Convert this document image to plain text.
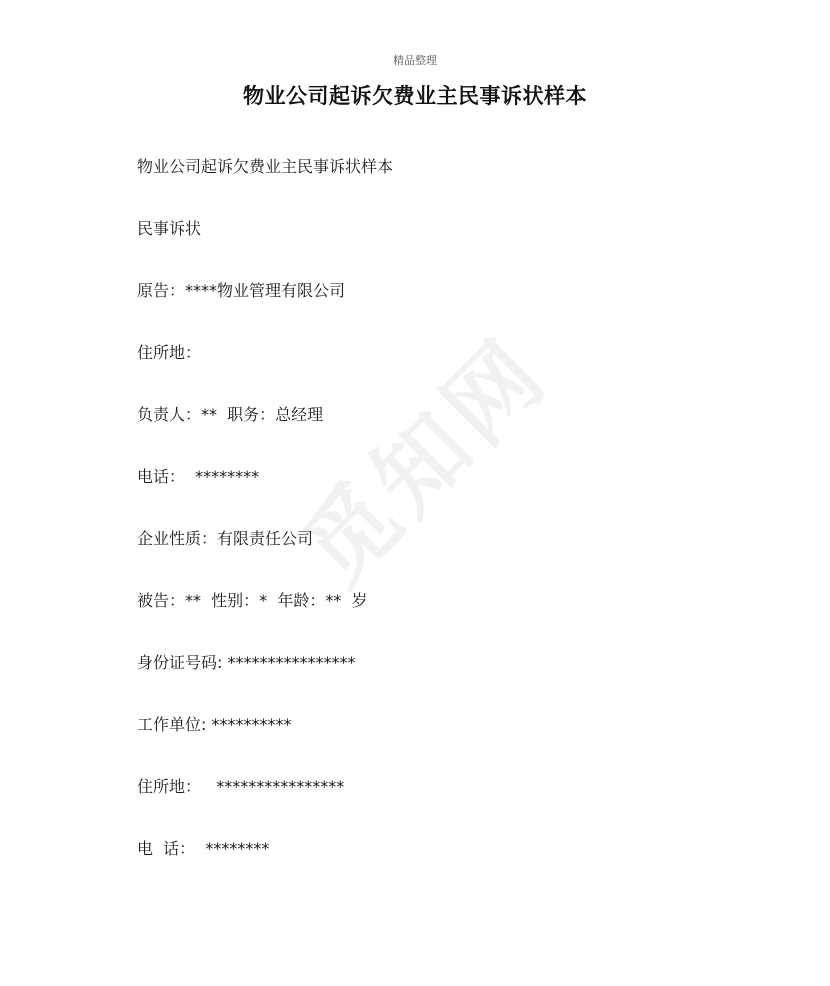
精品整理
物业公司起诉欠费业主民事诉状样本
物业公司起诉欠费业主民事诉状样本
民事诉状
原告：****物业管理有限公司
住所地：
负责人：**  职务：总经理
电话：  ********
企业性质：有限责任公司
被告：**  性别：*  年龄：**  岁
身份证号码: ****************
工作单位: **********
住所地：   ****************
电  话：  ********
觅知网
